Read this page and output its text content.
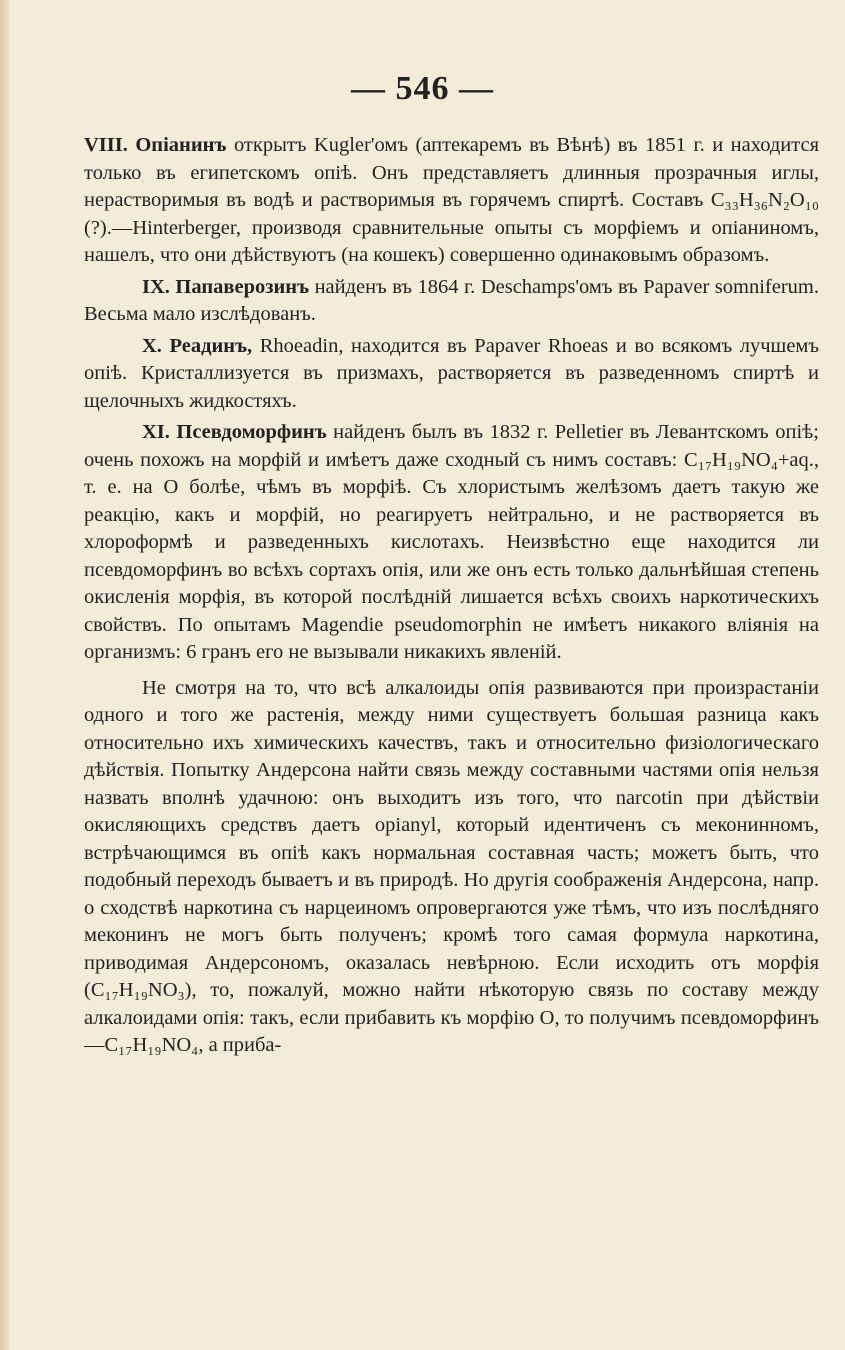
— 546 —

VIII. Опіанинъ открытъ Kugler'омъ (аптекаремъ въ Вѣнѣ) въ 1851 г. и находится только въ египетскомъ опіѣ. Онъ представляетъ длинныя прозрачныя иглы, нерастворимыя въ водѣ и растворимыя въ горячемъ спиртѣ. Составъ C₃₃H₃₆N₂O₁₀ (?).—Hinterberger, производя сравнительные опыты съ морфіемъ и опіаниномъ, нашелъ, что они дѣйствуютъ (на кошекъ) совершенно одинаковымъ образомъ.

IX. Папаверозинъ найденъ въ 1864 г. Deschamps'омъ въ Papaver somniferum. Весьма мало изслѣдованъ.

X. Реадинъ, Rhoeadin, находится въ Papaver Rhoeas и во всякомъ лучшемъ опіѣ. Кристаллизуется въ призмахъ, растворяется въ разведенномъ спиртѣ и щелочныхъ жидкостяхъ.

XI. Псевдоморфинъ найденъ былъ въ 1832 г. Pelletier въ Левантскомъ опіѣ; очень похожъ на морфій и имѣетъ даже сходный съ нимъ составъ: C₁₇H₁₉NO₄+aq., т. е. на O болѣе, чѣмъ въ морфіѣ. Съ хлористымъ желѣзомъ даетъ такую же реакцію, какъ и морфій, но реагируетъ нейтрально, и не растворяется въ хлороформѣ и разведенныхъ кислотахъ. Неизвѣстно еще находится ли псевдоморфинъ во всѣхъ сортахъ опія, или же онъ есть только дальнѣйшая степень окисленія морфія, въ которой послѣдній лишается всѣхъ своихъ наркотическихъ свойствъ. По опытамъ Magendie pseudomorphin не имѣетъ никакого вліянія на организмъ: 6 гранъ его не вызывали никакихъ явленій.

Не смотря на то, что всѣ алкалоиды опія развиваются при произрастаніи одного и того же растенія, между ними существуетъ большая разница какъ относительно ихъ химическихъ качествъ, такъ и относительно физіологическаго дѣйствія. Попытку Андерсона найти связь между составными частями опія нельзя назвать вполнѣ удачною: онъ выходитъ изъ того, что narcotin при дѣйствіи окисляющихъ средствъ даетъ opianyl, который идентиченъ съ меконинномъ, встрѣчающимся въ опіѣ какъ нормальная составная часть; можетъ быть, что подобный переходъ бываетъ и въ природѣ. Но другія соображенія Андерсона, напр. о сходствѣ наркотина съ нарцеиномъ опровергаются уже тѣмъ, что изъ послѣдняго меконинъ не могъ быть полученъ; кромѣ того самая формула наркотина, приводимая Андерсономъ, оказалась невѣрною. Если исходить отъ морфія (C₁₇H₁₉NO₃), то, пожалуй, можно найти нѣкоторую связь по составу между алкалоидами опія: такъ, если прибавить къ морфію O, то получимъ псевдоморфинъ—C₁₇H₁₉NO₄, а приба-
